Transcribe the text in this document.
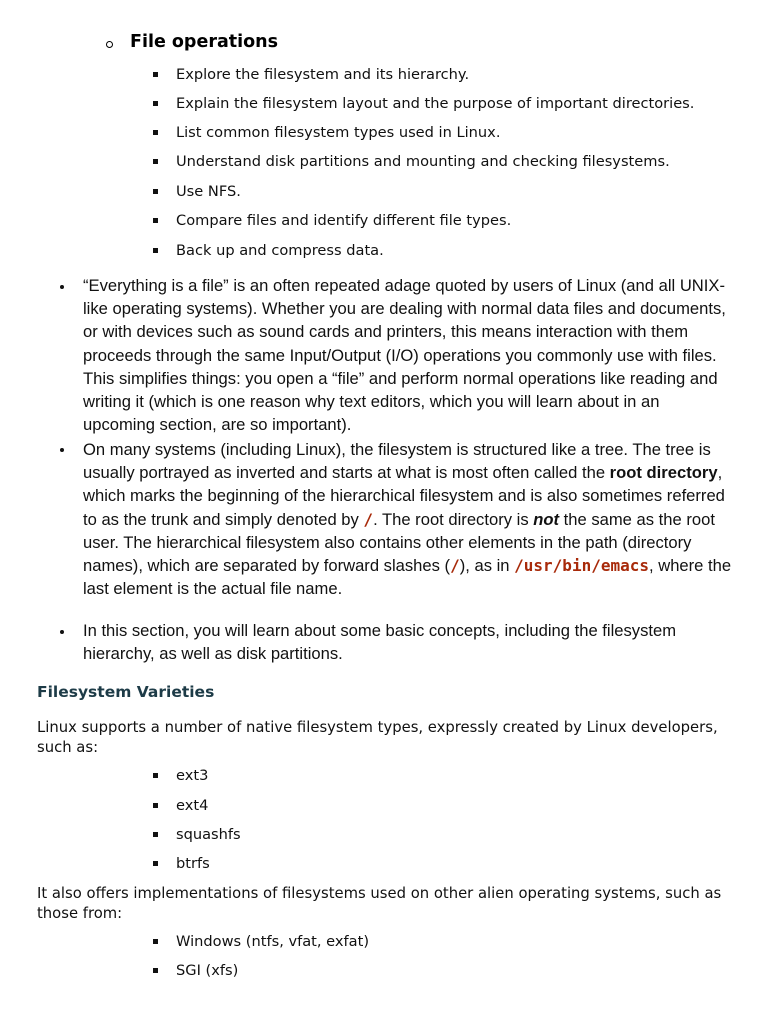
File operations
Explore the filesystem and its hierarchy.
Explain the filesystem layout and the purpose of important directories.
List common filesystem types used in Linux.
Understand disk partitions and mounting and checking filesystems.
Use NFS.
Compare files and identify different file types.
Back up and compress data.

“Everything is a file” is an often repeated adage quoted by users of Linux (and all UNIX-like operating systems). Whether you are dealing with normal data files and documents, or with devices such as sound cards and printers, this means interaction with them proceeds through the same Input/Output (I/O) operations you commonly use with files. This simplifies things: you open a “file” and perform normal operations like reading and writing it (which is one reason why text editors, which you will learn about in an upcoming section, are so important).

On many systems (including Linux), the filesystem is structured like a tree. The tree is usually portrayed as inverted and starts at what is most often called the root directory, which marks the beginning of the hierarchical filesystem and is also sometimes referred to as the trunk and simply denoted by /. The root directory is not the same as the root user. The hierarchical filesystem also contains other elements in the path (directory names), which are separated by forward slashes (/), as in /usr/bin/emacs, where the last element is the actual file name.

In this section, you will learn about some basic concepts, including the filesystem hierarchy, as well as disk partitions.

Filesystem Varieties

Linux supports a number of native filesystem types, expressly created by Linux developers, such as:

ext3
ext4
squashfs
btrfs

It also offers implementations of filesystems used on other alien operating systems, such as those from:

Windows (ntfs, vfat, exfat)
SGI (xfs)
